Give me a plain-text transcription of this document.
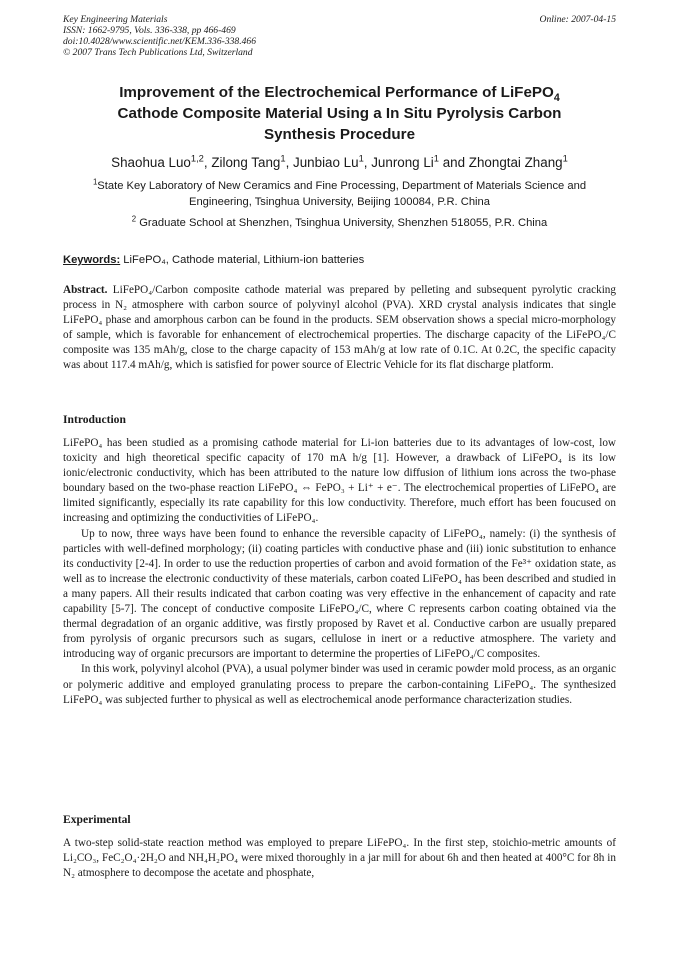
Key Engineering Materials	Online: 2007-04-15
ISSN: 1662-9795, Vols. 336-338, pp 466-469
doi:10.4028/www.scientific.net/KEM.336-338.466
© 2007 Trans Tech Publications Ltd, Switzerland
Improvement of the Electrochemical Performance of LiFePO$_4$
Cathode Composite Material Using a In Situ Pyrolysis Carbon
Synthesis Procedure
Shaohua Luo$^{1,2}$, Zilong Tang$^1$, Junbiao Lu$^1$, Junrong Li$^1$ and Zhongtai Zhang$^1$
$^1$State Key Laboratory of New Ceramics and Fine Processing, Department of Materials Science and
Engineering, Tsinghua University, Beijing 100084, P.R. China
$^2$ Graduate School at Shenzhen, Tsinghua University, Shenzhen 518055, P.R. China
Keywords: LiFePO₄, Cathode material, Lithium-ion batteries
Abstract. LiFePO₄/Carbon composite cathode material was prepared by pelleting and subsequent pyrolytic cracking process in N₂ atmosphere with carbon source of polyvinyl alcohol (PVA). XRD crystal analysis indicates that single LiFePO₄ phase and amorphous carbon can be found in the products. SEM observation shows a special micro-morphology of sample, which is favorable for enhancement of electrochemical properties. The discharge capacity of the LiFePO₄/C composite was 135 mAh/g, close to the charge capacity of 153 mAh/g at low rate of 0.1C. At 0.2C, the specific capacity was about 117.4 mAh/g, which is satisfied for power source of Electric Vehicle for its flat discharge platform.
Introduction
LiFePO₄ has been studied as a promising cathode material for Li-ion batteries due to its advantages of low-cost, low toxicity and high theoretical specific capacity of 170 mA h/g [1]. However, a drawback of LiFePO₄ is its low ionic/electronic conductivity, which has been attributed to the nature low diffusion of lithium ions across the two-phase boundary based on the two-phase reaction LiFePO₄ ⇔ FePO₃ + Li⁺ + e⁻. The electrochemical properties of LiFePO₄ are limited significantly, especially its rate capability for this low conductivity. Therefore, much effort has been foucused on increasing and optimizing the conductivities of LiFePO₄.
Up to now, three ways have been found to enhance the reversible capacity of LiFePO₄, namely: (i) the synthesis of particles with well-defined morphology; (ii) coating particles with conductive phase and (iii) ionic substitution to enhance its conductivity [2-4]. In order to use the reduction properties of carbon and avoid formation of the Fe³⁺ oxidation state, as well as to increase the electronic conductivity of these materials, carbon coated LiFePO₄ has been described and studied in a many papers. All their results indicated that carbon coating was very effective in the enhancement of capacity and rate capability [5-7]. The concept of conductive composite LiFePO₄/C, where C represents carbon coating obtained via the thermal degradation of an organic additive, was firstly proposed by Ravet et al. Conductive carbon are usually prepared from pyrolysis of organic precursors such as sugars, cellulose in inert or a reductive atmosphere. The variety and introducing way of organic precursors are important to determine the properties of LiFePO₄/C composites.
In this work, polyvinyl alcohol (PVA), a usual polymer binder was used in ceramic powder mold process, as an organic or polymeric additive and employed granulating process to prepare the carbon-containing LiFePO₄. The synthesized LiFePO₄ was subjected further to physical as well as electrochemical anode performance characterization studies.
Experimental
A two-step solid-state reaction method was employed to prepare LiFePO₄. In the first step, stoichio-metric amounts of Li₂CO₃, FeC₂O₄·2H₂O and NH₄H₂PO₄ were mixed thoroughly in a jar mill for about 6h and then heated at 400°C for 8h in N₂ atmosphere to decompose the acetate and phosphate,
